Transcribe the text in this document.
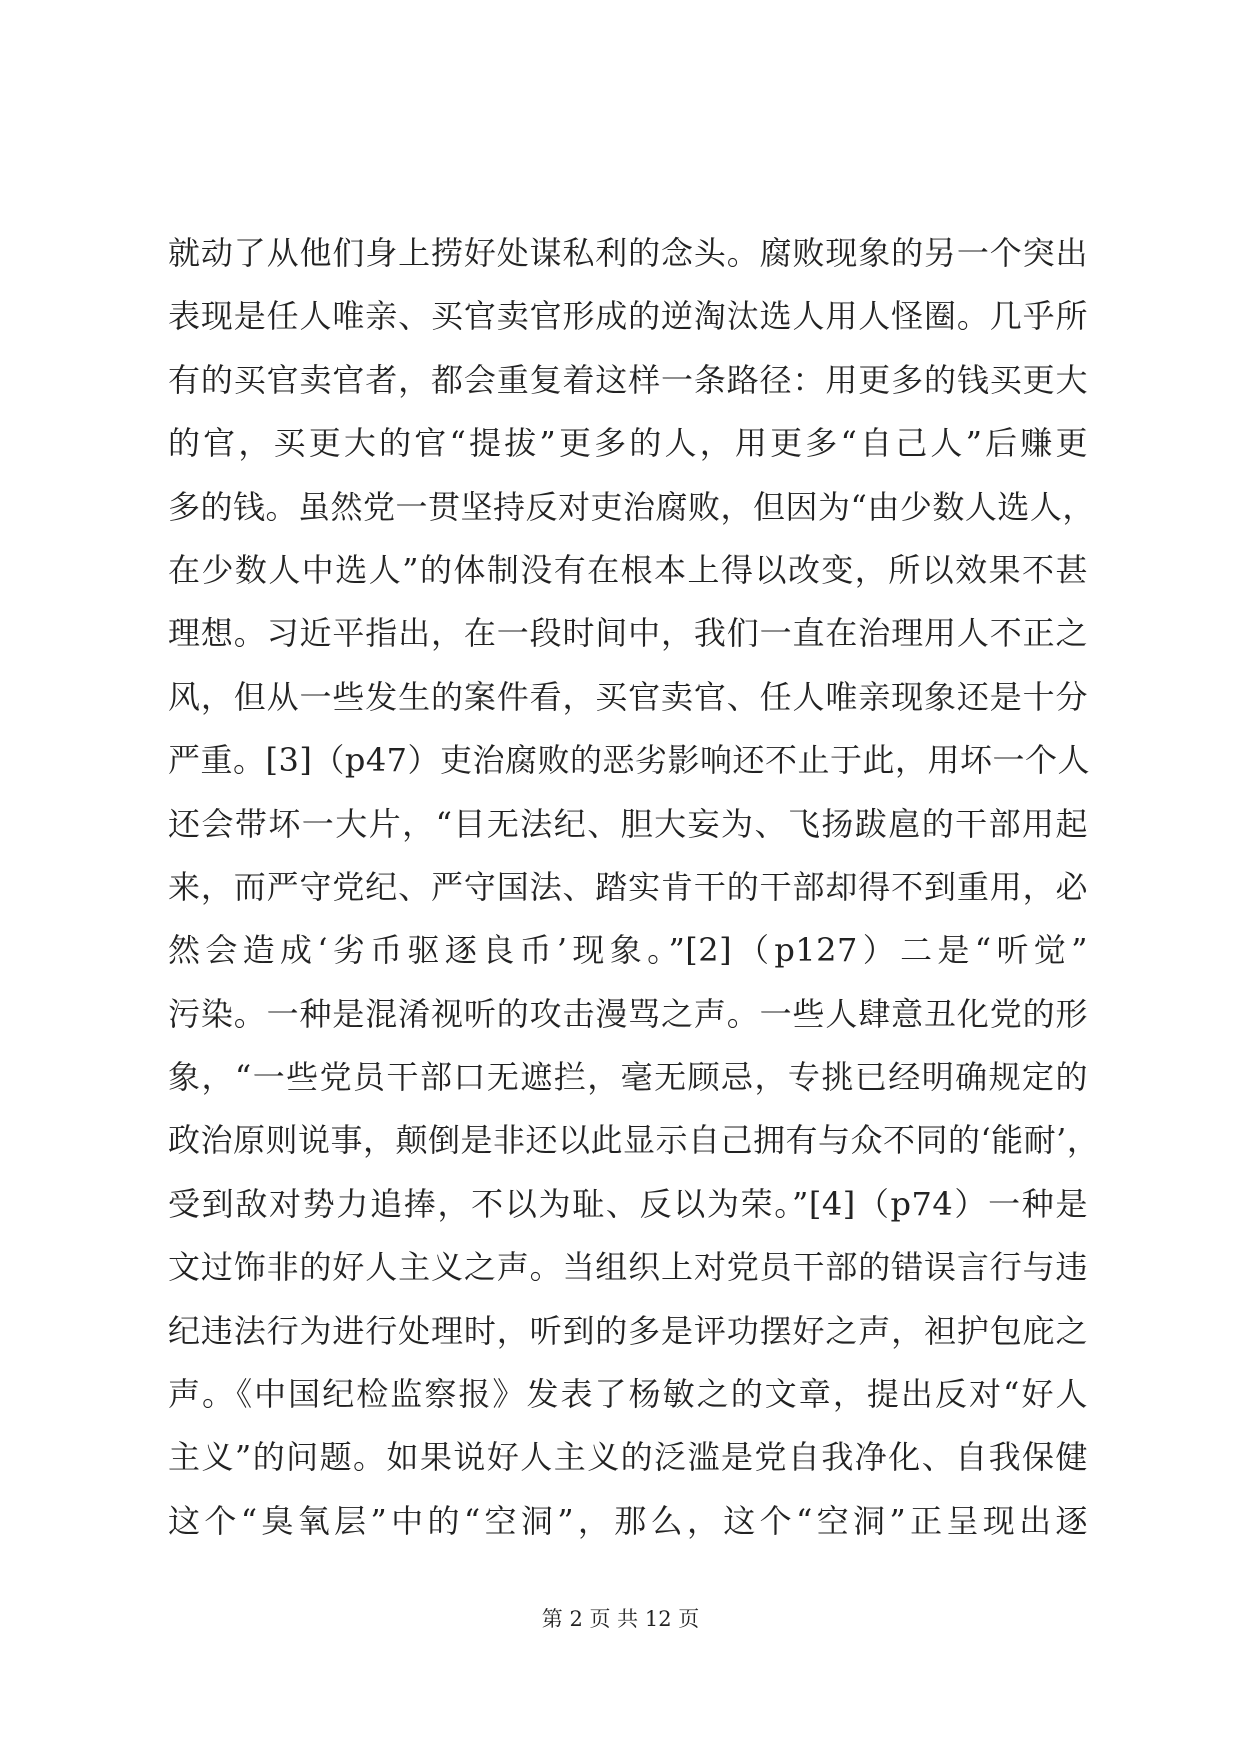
就动了从他们身上捞好处谋私利的念头。腐败现象的另一个突出
表现是任人唯亲、买官卖官形成的逆淘汰选人用人怪圈。几乎所
有的买官卖官者，都会重复着这样一条路径：用更多的钱买更大
的官，买更大的官“提拔”更多的人，用更多“自己人”后赚更
多的钱。虽然党一贯坚持反对吏治腐败，但因为“由少数人选人，
在少数人中选人”的体制没有在根本上得以改变，所以效果不甚
理想。习近平指出，在一段时间中，我们一直在治理用人不正之
风，但从一些发生的案件看，买官卖官、任人唯亲现象还是十分
严重。[3]（p47）吏治腐败的恶劣影响还不止于此，用坏一个人
还会带坏一大片，“目无法纪、胆大妄为、飞扬跋扈的干部用起
来，而严守党纪、严守国法、踏实肯干的干部却得不到重用，必
然会造成‘劣币驱逐良币’现象。”[2]（p127）二是“听觉”
污染。一种是混淆视听的攻击漫骂之声。一些人肆意丑化党的形
象，“一些党员干部口无遮拦，毫无顾忌，专挑已经明确规定的
政治原则说事，颠倒是非还以此显示自己拥有与众不同的‘能耐’，
受到敌对势力追捧，不以为耻、反以为荣。”[4]（p74）一种是
文过饰非的好人主义之声。当组织上对党员干部的错误言行与违
纪违法行为进行处理时，听到的多是评功摆好之声，袒护包庇之
声。《中国纪检监察报》发表了杨敏之的文章，提出反对“好人
主义”的问题。如果说好人主义的泛滥是党自我净化、自我保健
这个“臭氧层”中的“空洞”，那么，这个“空洞”正呈现出逐
第 2 页 共 12 页
